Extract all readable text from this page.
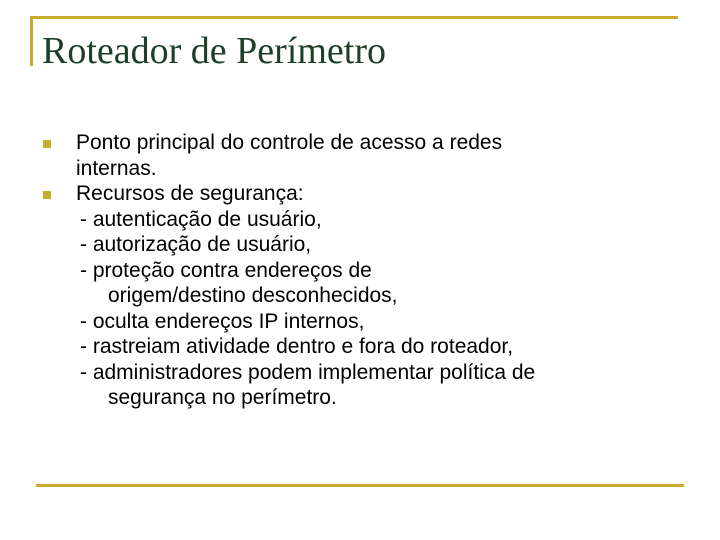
Roteador de Perímetro
Ponto principal do controle de acesso a redes
internas.
Recursos de segurança:
- autenticação de usuário,
- autorização de usuário,
- proteção contra endereços de
origem/destino desconhecidos,
- oculta endereços IP internos,
- rastreiam atividade dentro e fora do roteador,
- administradores podem implementar política de
segurança no perímetro.
